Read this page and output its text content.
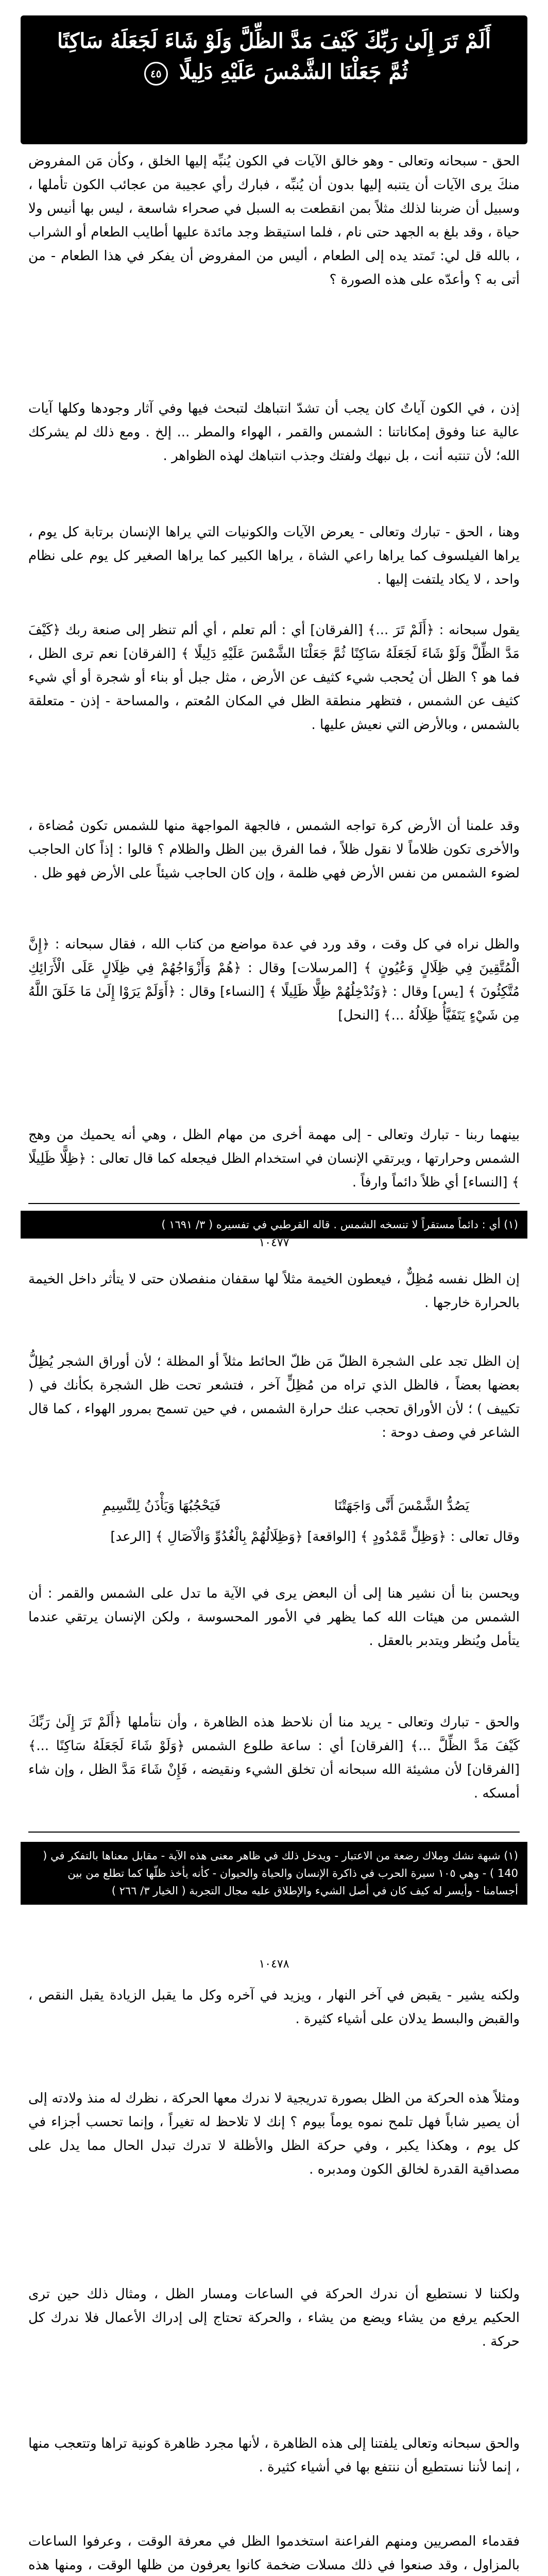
أَلَمْ تَرَ إِلَىٰ رَبِّكَ كَيْفَ مَدَّ الظِّلَّ وَلَوْ شَاءَ لَجَعَلَهُ سَاكِنًا
ثُمَّ جَعَلْنَا الشَّمْسَ عَلَيْهِ دَلِيلًا ٤٥

الحق - سبحانه وتعالى - وهو خالق الآيات في الكون يُنبِّه إليها الخلق ، وكأن مَن المفروض منكَ يرى الآيات أن يتنبه إليها بدون أن يُنبِّه ، فبارك رأي عجيبة من عجائب الكون تأملها ، وسبيل أن ضربنا لذلك مثلاً بمن انقطعت به السبل في صحراء شاسعة ، ليس بها أنيس ولا حياة ، وقد بلغ به الجهد حتى نام ، فلما استيقظ وجد مائدة عليها أطايب الطعام أو الشراب ، بالله قل لي: تَمتد يده إلى الطعام ، أليس من المفروض أن يفكر في هذا الطعام - من أتى به ؟ وأعدّه على هذه الصورة ؟

إذن ، في الكون آياتٌ كان يجب أن تشدّ انتباهك لتبحث فيها وفي آثار وجودها وكلها آيات عالية عنا وفوق إمكاناتنا : الشمس والقمر ، الهواء والمطر ... إلخ . ومع ذلك لم يشركك الله؛ لأن تنتبه أنت ، بل نبهك ولفتك وجذب انتباهك لهذه الظواهر .

وهنا ، الحق - تبارك وتعالى - يعرض الآيات والكونيات التي يراها الإنسان برتابة كل يوم ، يراها الفيلسوف كما يراها راعي الشاة ، يراها الكبير كما يراها الصغير كل يوم على نظام واحد ، لا يكاد يلتفت إليها .

يقول سبحانه : ﴿أَلَمْ تَرَ ...﴾ [الفرقان] أي : ألم تعلم ، أي ألم تنظر إلى صنعة ربك ﴿كَيْفَ مَدَّ الظِّلَّ وَلَوْ شَاءَ لَجَعَلَهُ سَاكِنًا ثُمَّ جَعَلْنَا الشَّمْسَ عَلَيْهِ دَلِيلًا ﴾ [الفرقان] نعم ترى الظل ، فما هو ؟ الظل أن يُحجب شيء كثيف عن الأرض ، مثل جبل أو بناء أو شجرة أو أي شيء كثيف عن الشمس ، فتظهر منطقة الظل في المكان المُعتم ، والمساحة - إذن - متعلقة بالشمس ، وبالأرض التي نعيش عليها .

وقد علمنا أن الأرض كرة تواجه الشمس ، فالجهة المواجهة منها للشمس تكون مُضاءة ، والأخرى تكون ظلاماً لا نقول ظلاً ، فما الفرق بين الظل والظلام ؟ قالوا : إذاً كان الحاجب لضوء الشمس من نفس الأرض فهي ظلمة ، وإن كان الحاجب شيئاً على الأرض فهو ظل .

والظل نراه في كل وقت ، وقد ورد في عدة مواضع من كتاب الله ، فقال سبحانه : ﴿إِنَّ الْمُتَّقِينَ فِي ظِلَالٍ وَعُيُونٍ ﴾ [المرسلات] وقال : ﴿هُمْ وَأَزْوَاجُهُمْ فِي ظِلَالٍ عَلَى الْأَرَائِكِ مُتَّكِئُونَ ﴾ [يس] وقال : ﴿وَنُدْخِلُهُمْ ظِلًّا ظَلِيلًا ﴾ [النساء] وقال : ﴿أَوَلَمْ يَرَوْا إِلَىٰ مَا خَلَقَ اللَّهُ مِن شَيْءٍ يَتَفَيَّأُ ظِلَالُهُ ...﴾ [النحل]

بينهما ربنا - تبارك وتعالى - إلى مهمة أخرى من مهام الظل ، وهي أنه يحميك من وهج الشمس وحرارتها ، ويرتقي الإنسان في استخدام الظل فيجعله كما قال تعالى : ﴿ظِلًّا ظَلِيلًا ﴾ [النساء] أي ظلاً دائماً وارفاً .

(١) أي : دائماً مستقراً لا تنسخه الشمس . قاله القرطبي في تفسيره ( ٣/ ١٦٩١ )
١٠٤٧٧

إن الظل نفسه مُظِلٌّ ، فيعطون الخيمة مثلاً لها سقفان منفصلان حتى لا يتأثر داخل الخيمة بالحرارة خارجها .

إن الظل تجد على الشجرة الظلّ مَن ظلّ الحائط مثلاً أو المظلة ؛ لأن أوراق الشجر يُظِلُّ بعضها بعضاً ، فالظل الذي تراه من مُظِلٍّ آخر ، فتشعر تحت ظل الشجرة بكأنك في ( تكييف ) ؛ لأن الأوراق تحجب عنك حرارة الشمس ، في حين تسمح بمرور الهواء ، كما قال الشاعر في وصف دوحة :

يَصُدُّ الشَّمْسَ أَنَّى وَاجَهَتْنَا فَيَحْجُبُهَا وَيَأْذَنُ لِلنَّسِيمِ

وقال تعالى : ﴿وَظِلٍّ مَّمْدُودٍ ﴾ [الواقعة] ﴿وَظِلَالُهُمْ بِالْغُدُوِّ وَالْآصَالِ ﴾ [الرعد]

ويحسن بنا أن نشير هنا إلى أن البعض يرى في الآية ما تدل على الشمس والقمر : أن الشمس من هيئات الله كما يظهر في الأمور المحسوسة ، ولكن الإنسان يرتقي عندما يتأمل ويُنظر ويتدبر بالعقل .

والحق - تبارك وتعالى - يريد منا أن نلاحظ هذه الظاهرة ، وأن نتأملها ﴿أَلَمْ تَرَ إِلَىٰ رَبِّكَ كَيْفَ مَدَّ الظِّلَّ ...﴾ [الفرقان] أي : ساعة طلوع الشمس ﴿وَلَوْ شَاءَ لَجَعَلَهُ سَاكِنًا ...﴾ [الفرقان] لأن مشيئة الله سبحانه أن تخلق الشيء ونقيضه ، فَإِنْ شَاءَ مَدَّ الظل ، وإن شاء أمسكه .

(١) شبهة نشك وملاك رضعة من الاعتبار - ويدخل ذلك في ظاهر معنى هذه الآية - مقابل معناها بالتفكر في ( 140 ) - وهي ١٠٥ سيرة الحرب في ذاكرة الإنسان والحياة والحيوان - كأنه يأخذ ظلّها كما تطلع من بين أجسامنا - وأيسر له كيف كان في أصل الشيء والإطلاق عليه مجال التجربة ( الخيار ٣/ ٢٦٦ )
١٠٤٧٨

ولكنه يشير - يقبض في آخر النهار ، ويزيد في آخره وكل ما يقبل الزيادة يقبل النقص ، والقبض والبسط يدلان على أشياء كثيرة .

ومثلاً هذه الحركة من الظل بصورة تدريجية لا ندرك معها الحركة ، نظرك له منذ ولادته إلى أن يصير شاباً فهل تلمح نموه يوماً بيوم ؟ إنك لا تلاحظ له تغيراً ، وإنما تحسب أجزاء في كل يوم ، وهكذا يكبر ، وفي حركة الظل والأظلة لا تدرك تبدل الحال مما يدل على مصداقية القدرة لخالق الكون ومدبره .

ولكننا لا نستطيع أن ندرك الحركة في الساعات ومسار الظل ، ومثال ذلك حين ترى الحكيم يرفع من يشاء ويضع من يشاء ، والحركة تحتاج إلى إدراك الأعمال فلا ندرك كل حركة .

والحق سبحانه وتعالى يلفتنا إلى هذه الظاهرة ، لأنها مجرد ظاهرة كونية تراها وتتعجب منها ، إنما لأننا نستطيع أن ننتفع بها في أشياء كثيرة .

فقدماء المصريين ومنهم الفراعنة استخدموا الظل في معرفة الوقت ، وعرفوا الساعات بالمزاول ، وقد صنعوا في ذلك مسلات ضخمة كانوا يعرفون من ظلها الوقت ، ومنها هذه
